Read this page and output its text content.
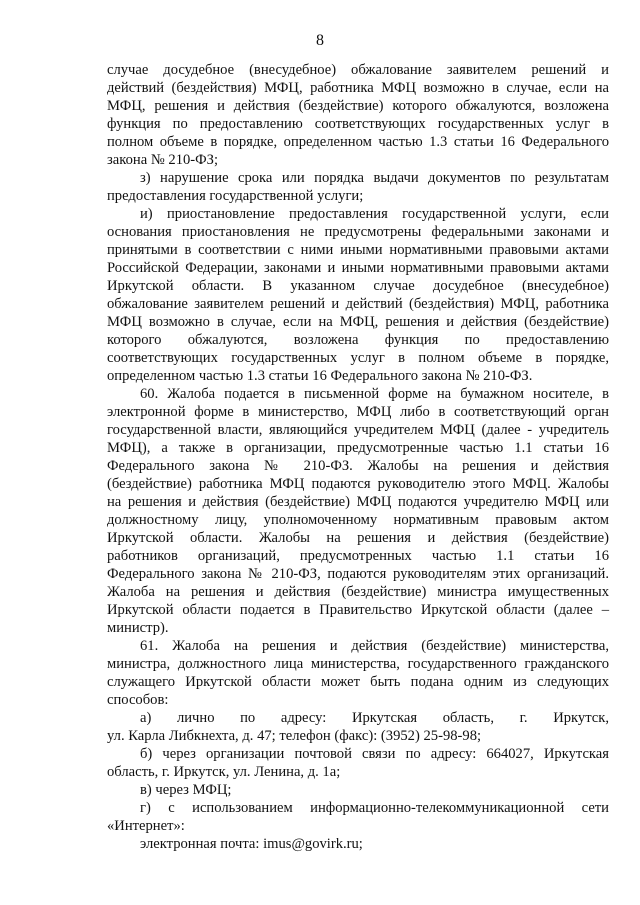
8
случае досудебное (внесудебное) обжалование заявителем решений и
действий (бездействия) МФЦ, работника МФЦ возможно в случае, если на
МФЦ, решения и действия (бездействие) которого обжалуются, возложена
функция по предоставлению соответствующих государственных услуг в
полном объеме в порядке, определенном частью 1.3 статьи 16 Федерального
закона № 210-ФЗ;
з) нарушение срока или порядка выдачи документов по результатам
предоставления государственной услуги;
и) приостановление предоставления государственной услуги, если
основания приостановления не предусмотрены федеральными законами и
принятыми в соответствии с ними иными нормативными правовыми актами
Российской Федерации, законами и иными нормативными правовыми актами
Иркутской области. В указанном случае досудебное (внесудебное)
обжалование заявителем решений и действий (бездействия) МФЦ, работника
МФЦ возможно в случае, если на МФЦ, решения и действия (бездействие)
которого обжалуются, возложена функция по предоставлению
соответствующих государственных услуг в полном объеме в порядке,
определенном частью 1.3 статьи 16 Федерального закона № 210-ФЗ.
60. Жалоба подается в письменной форме на бумажном носителе, в
электронной форме в министерство, МФЦ либо в соответствующий орган
государственной власти, являющийся учредителем МФЦ (далее - учредитель
МФЦ), а также в организации, предусмотренные частью 1.1 статьи 16
Федерального закона № 210-ФЗ. Жалобы на решения и действия
(бездействие) работника МФЦ подаются руководителю этого МФЦ. Жалобы
на решения и действия (бездействие) МФЦ подаются учредителю МФЦ или
должностному лицу, уполномоченному нормативным правовым актом
Иркутской области. Жалобы на решения и действия (бездействие)
работников организаций, предусмотренных частью 1.1 статьи 16
Федерального закона № 210-ФЗ, подаются руководителям этих организаций.
Жалоба на решения и действия (бездействие) министра имущественных
Иркутской области подается в Правительство Иркутской области (далее –
министр).
61. Жалоба на решения и действия (бездействие) министерства,
министра, должностного лица министерства, государственного гражданского
служащего Иркутской области может быть подана одним из следующих
способов:
а) лично по адресу: Иркутская область, г. Иркутск,
ул. Карла Либкнехта, д. 47; телефон (факс): (3952) 25-98-98;
б) через организации почтовой связи по адресу: 664027, Иркутская
область, г. Иркутск, ул. Ленина, д. 1а;
в) через МФЦ;
г) с использованием информационно-телекоммуникационной сети
«Интернет»:
электронная почта: imus@govirk.ru;
